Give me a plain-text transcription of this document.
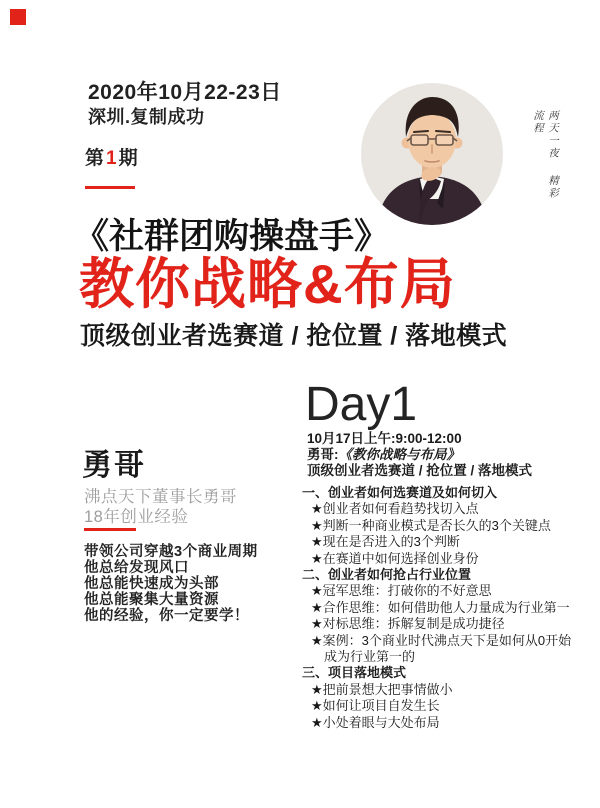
2020年10月22-23日
深圳.复制成功
第1期	两天一夜 精彩流程
《社群团购操盘手》
教你战略&布局
顶级创业者选赛道 / 抢位置 / 落地模式
Day1
10月17日上午:9:00-12:00
勇哥:《教你战略与布局》
顶级创业者选赛道 / 抢位置 / 落地模式
勇哥
沸点天下董事长勇哥
18年创业经验
带领公司穿越3个商业周期
他总给发现风口
他总能快速成为头部
他总能聚集大量资源
他的经验，你一定要学！
一、创业者如何选赛道及如何切入
★创业者如何看趋势找切入点
★判断一种商业模式是否长久的3个关键点
★现在是否进入的3个判断
★在赛道中如何选择创业身份
二、创业者如何抢占行业位置
★冠军思维：打破你的不好意思
★合作思维：如何借助他人力量成为行业第一
★对标思维：拆解复制是成功捷径
★案例：3个商业时代沸点天下是如何从0开始
成为行业第一的
三、项目落地模式
★把前景想大把事情做小
★如何让项目自发生长
★小处着眼与大处布局
